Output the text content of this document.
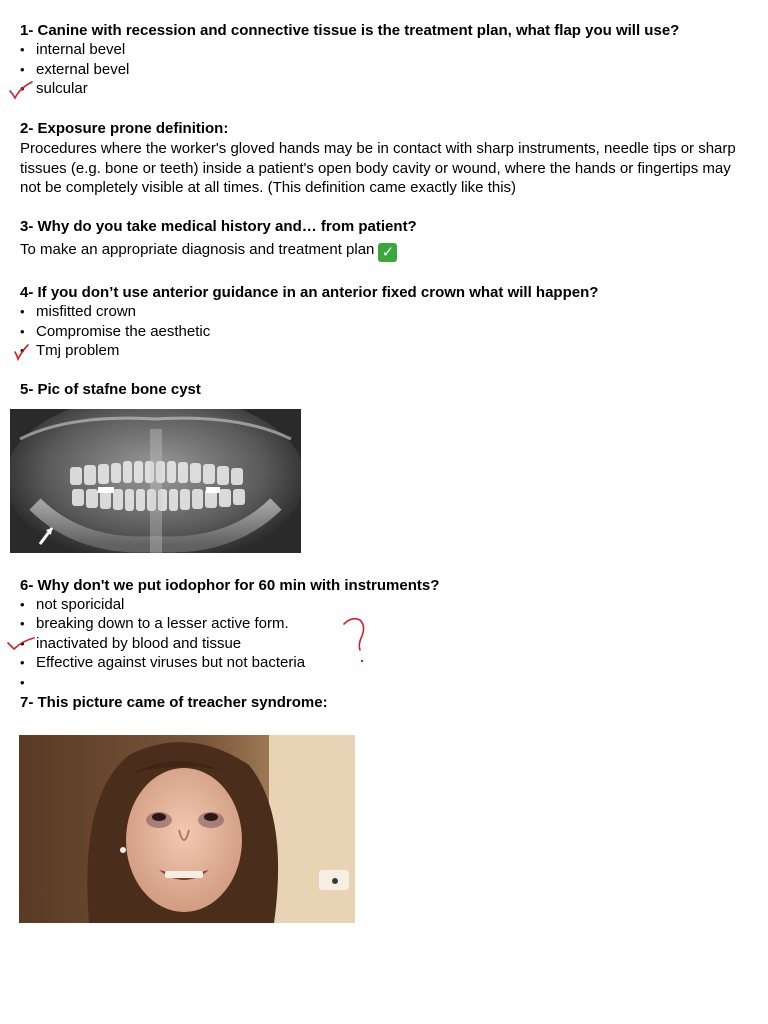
1- Canine with recession and connective tissue is the treatment plan, what flap you will use?

• internal bevel
• external bevel
• sulcular

2- Exposure prone definition:

Procedures where the worker's gloved hands may be in contact with sharp instruments, needle tips or sharp tissues (e.g. bone or teeth) inside a patient's open body cavity or wound, where the hands or fingertips may not be completely visible at all times. (This definition came exactly like this)

3- Why do you take medical history and… from patient?

To make an appropriate diagnosis and treatment plan ✓

4- If you don’t use anterior guidance in an anterior fixed crown what will happen?

• misfitted crown
• Compromise the aesthetic
• Tmj problem

5- Pic of stafne bone cyst

6- Why don't we put iodophor for 60 min with instruments?

• not sporicidal
• breaking down to a lesser active form.
• inactivated by blood and tissue
• Effective against viruses but not bacteria
•

7- This picture came of treacher syndrome:
